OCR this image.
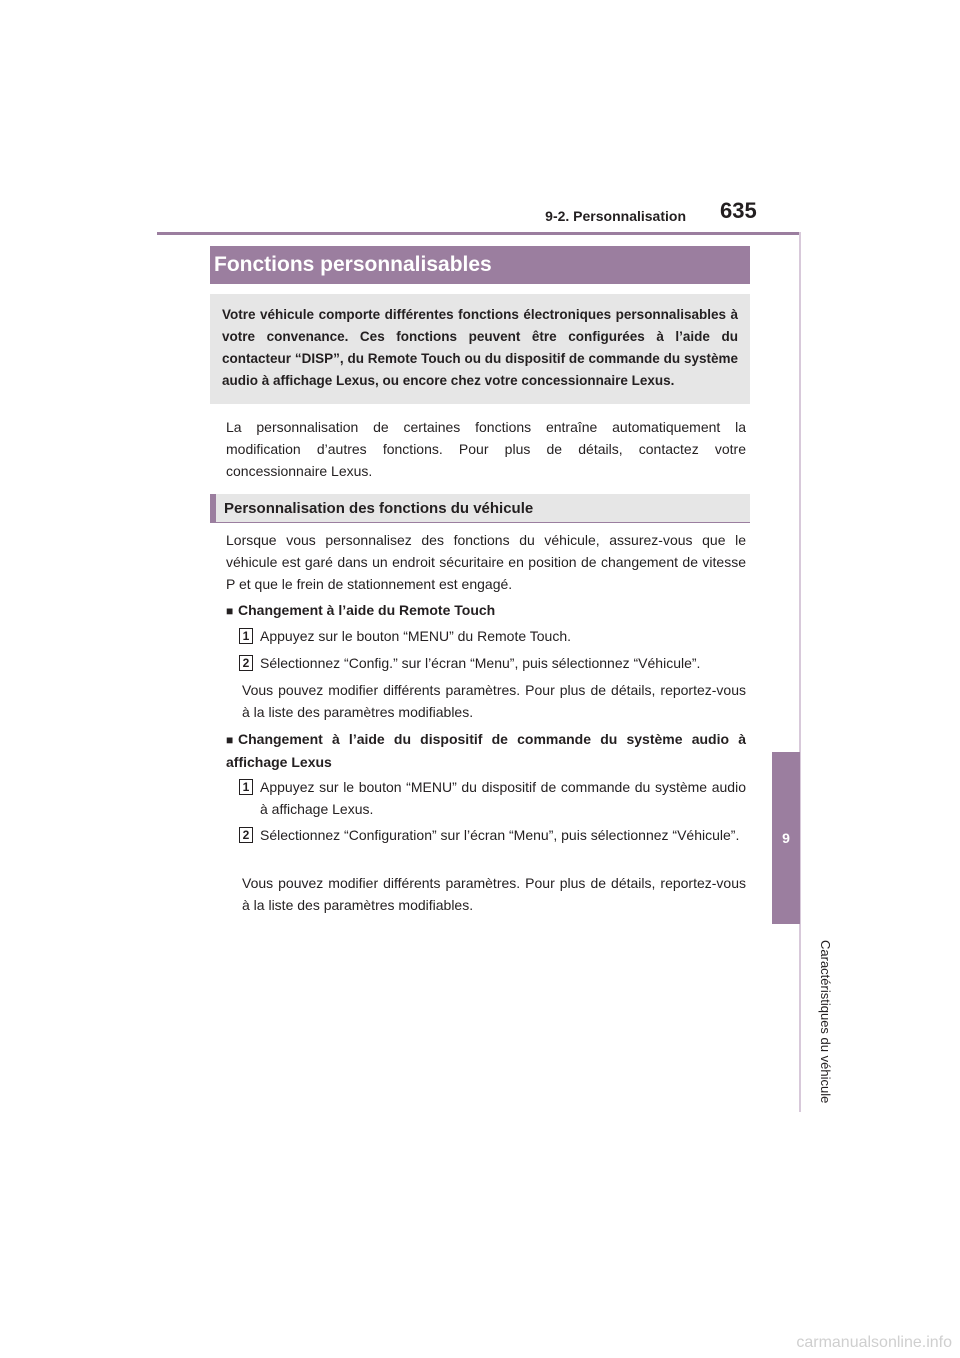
9-2. Personnalisation 635
9
Caractéristiques du véhicule
Fonctions personnalisables
Votre véhicule comporte différentes fonctions électroniques personnalisables à votre convenance. Ces fonctions peuvent être configurées à l’aide du contacteur “DISP”, du Remote Touch ou du dispositif de commande du système audio à affichage Lexus, ou encore chez votre concessionnaire Lexus.
La personnalisation de certaines fonctions entraîne automatiquement la modification d’autres fonctions. Pour plus de détails, contactez votre concessionnaire Lexus.
Personnalisation des fonctions du véhicule
Lorsque vous personnalisez des fonctions du véhicule, assurez-vous que le véhicule est garé dans un endroit sécuritaire en position de changement de vitesse P et que le frein de stationnement est engagé.
■ Changement à l’aide du Remote Touch
1 Appuyez sur le bouton “MENU” du Remote Touch.
2 Sélectionnez “Config.” sur l’écran “Menu”, puis sélectionnez “Véhicule”.
Vous pouvez modifier différents paramètres. Pour plus de détails, reportez-vous à la liste des paramètres modifiables.
■ Changement à l’aide du dispositif de commande du système audio à affichage Lexus
1 Appuyez sur le bouton “MENU” du dispositif de commande du système audio à affichage Lexus.
2 Sélectionnez “Configuration” sur l’écran “Menu”, puis sélectionnez “Véhicule”.
Vous pouvez modifier différents paramètres. Pour plus de détails, reportez-vous à la liste des paramètres modifiables.
carmanualsonline.info
